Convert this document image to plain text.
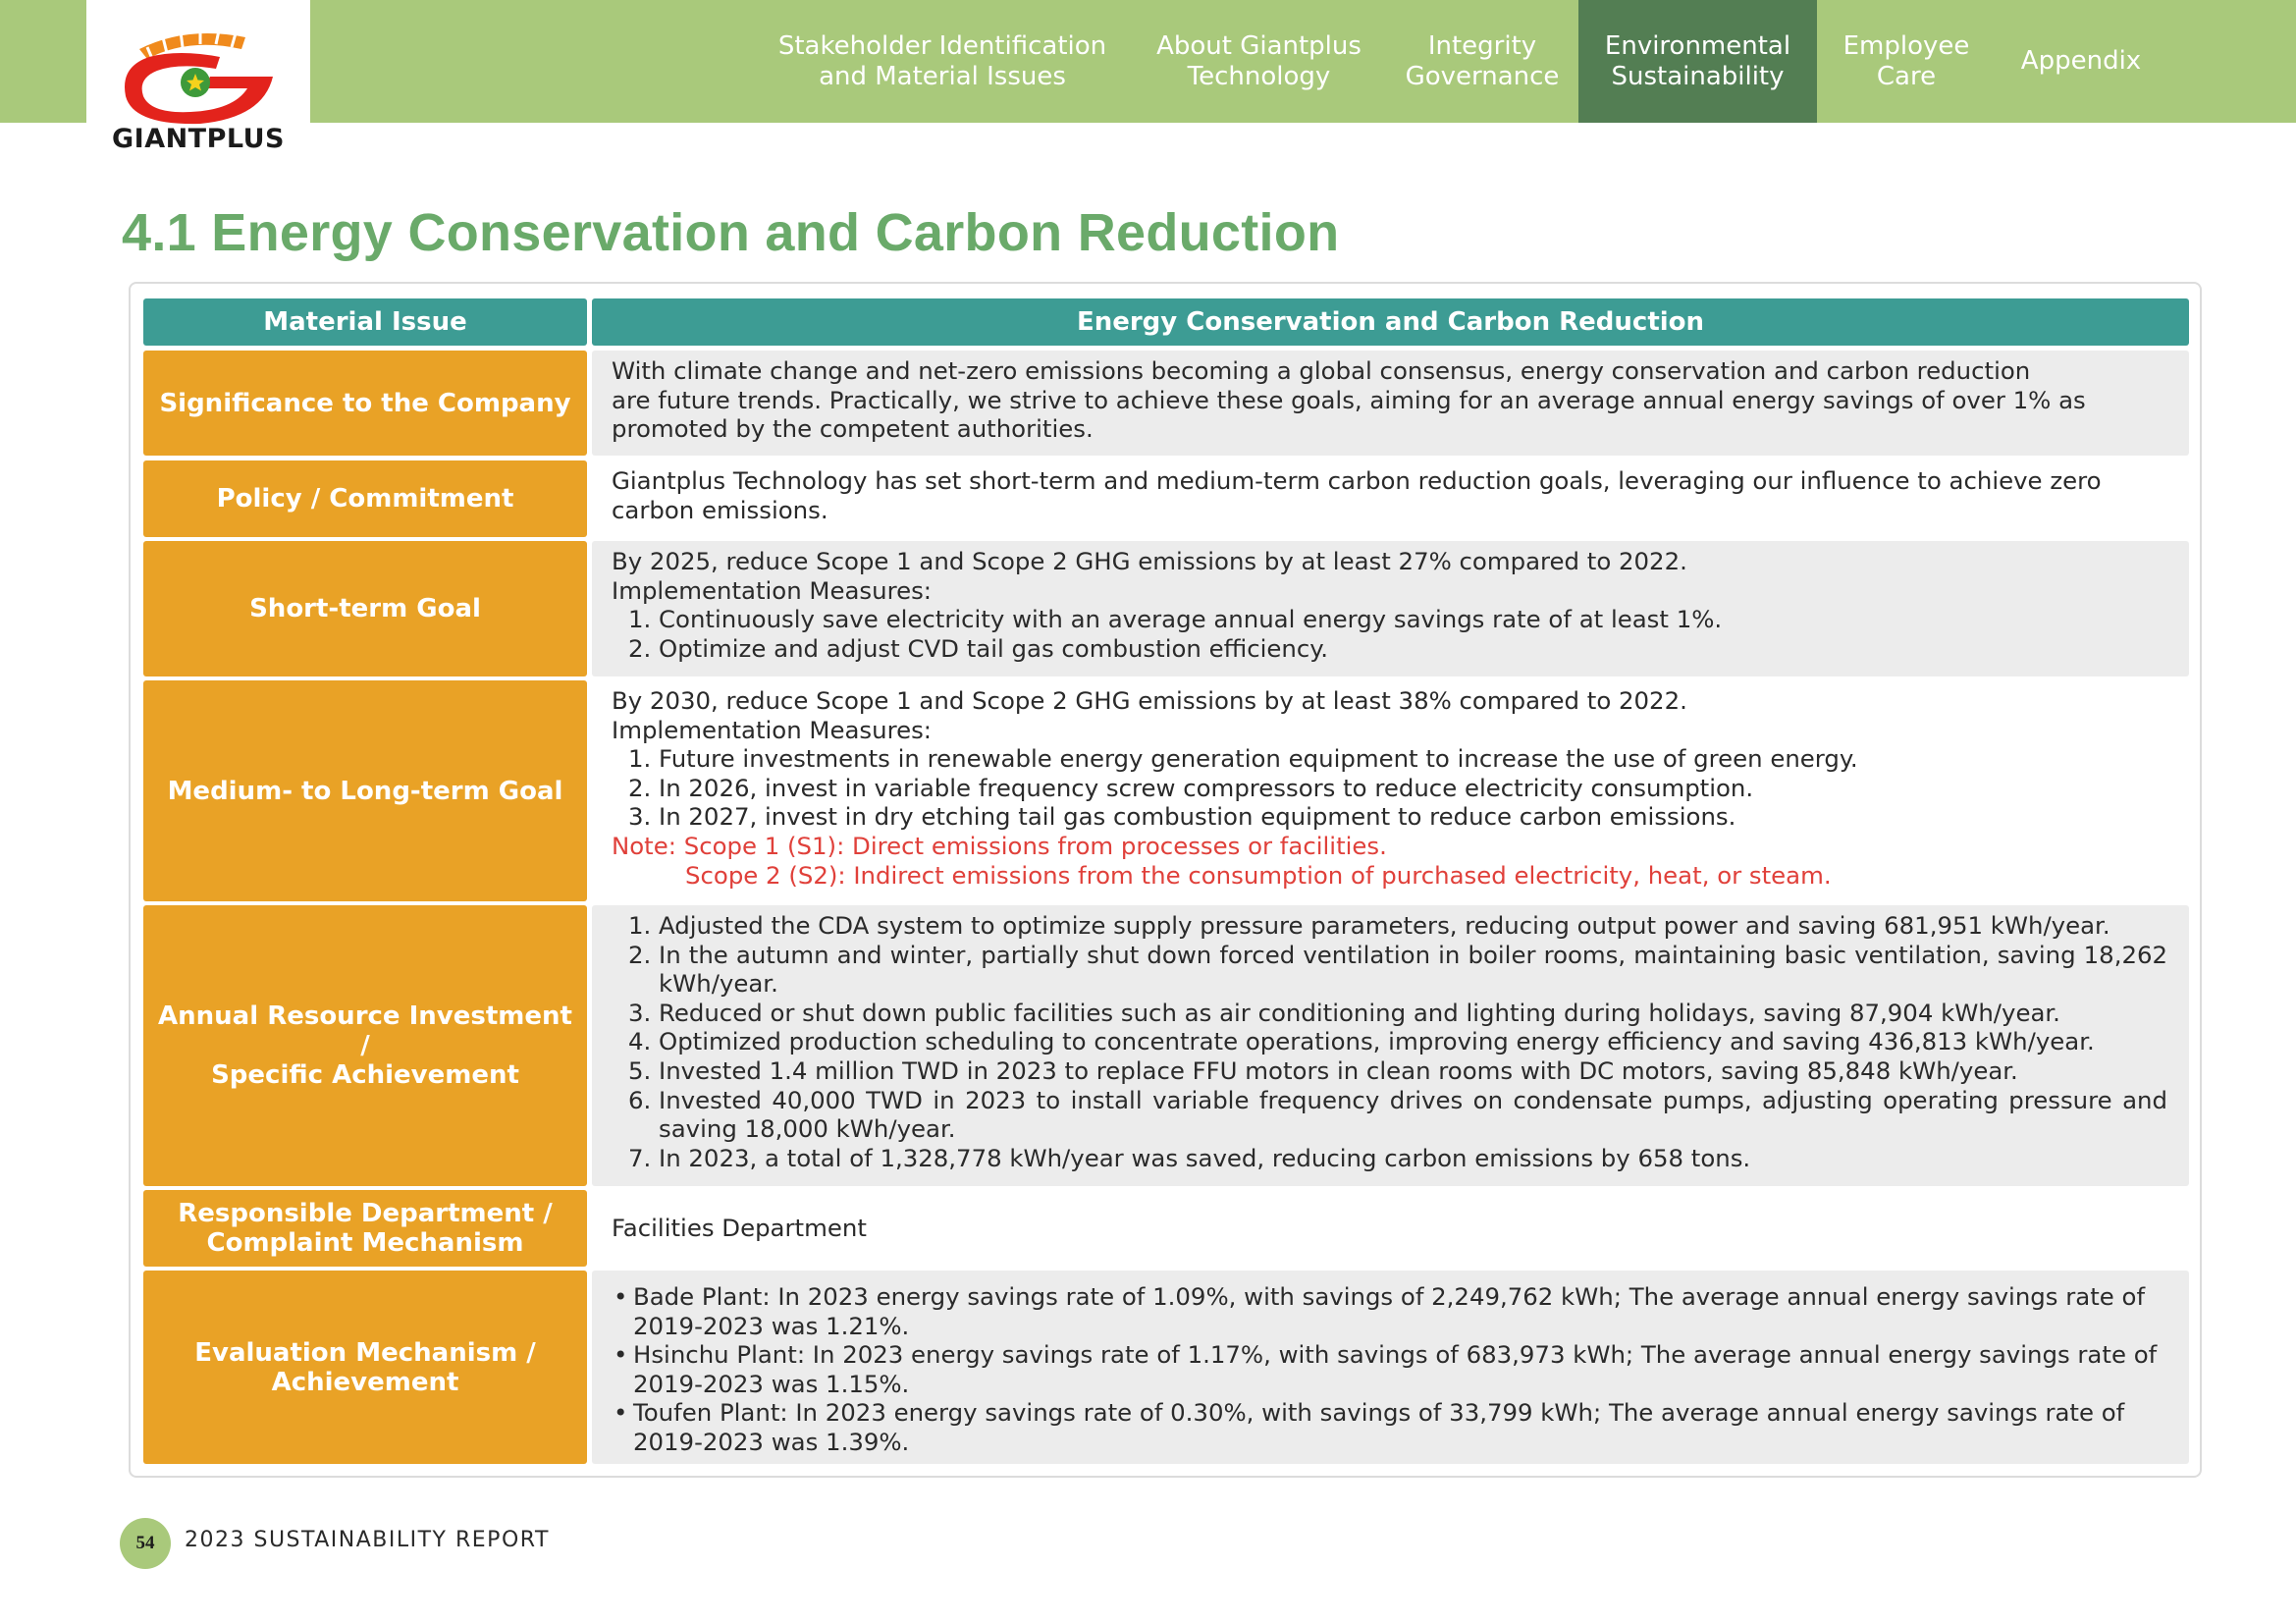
GIANTPLUS
Stakeholder Identification
and Material Issues
About Giantplus
Technology
Integrity
Governance
Environmental
Sustainability
Employee
Care
Appendix
4.1 Energy Conservation and Carbon Reduction
Material Issue	Energy Conservation and Carbon Reduction
Significance to the Company

With climate change and net-zero emissions becoming a global consensus, energy conservation and carbon reduction

are future trends. Practically, we strive to achieve these goals, aiming for an average annual energy savings of over 1% as

promoted by the competent authorities.

Policy / Commitment

Giantplus Technology has set short-term and medium-term carbon reduction goals, leveraging our influence to achieve zero

carbon emissions.

Short-term Goal

By 2025, reduce Scope 1 and Scope 2 GHG emissions by at least 27% compared to 2022.

Implementation Measures:

1. Continuously save electricity with an average annual energy savings rate of at least 1%.
2. Optimize and adjust CVD tail gas combustion efficiency.
Medium- to Long-term Goal

By 2030, reduce Scope 1 and Scope 2 GHG emissions by at least 38% compared to 2022.

Implementation Measures:

1. Future investments in renewable energy generation equipment to increase the use of green energy.
2. In 2026, invest in variable frequency screw compressors to reduce electricity consumption.
3. In 2027, invest in dry etching tail gas combustion equipment to reduce carbon emissions.

Note: Scope 1 (S1): Direct emissions from processes or facilities.

Scope 2 (S2): Indirect emissions from the consumption of purchased electricity, heat, or steam.

Annual Resource Investment /
Specific Achievement
1. Adjusted the CDA system to optimize supply pressure parameters, reducing output power and saving 681,951 kWh/year.
2. In the autumn and winter, partially shut down forced ventilation in boiler rooms, maintaining basic ventilation, saving 18,262 kWh/year.
3. Reduced or shut down public facilities such as air conditioning and lighting during holidays, saving 87,904 kWh/year.
4. Optimized production scheduling to concentrate operations, improving energy efficiency and saving 436,813 kWh/year.
5. Invested 1.4 million TWD in 2023 to replace FFU motors in clean rooms with DC motors, saving 85,848 kWh/year.
6. Invested 40,000 TWD in 2023 to install variable frequency drives on condensate pumps, adjusting operating pressure and saving 18,000 kWh/year.
7. In 2023, a total of 1,328,778 kWh/year was saved, reducing carbon emissions by 658 tons.
Responsible Department /
Complaint Mechanism

Facilities Department

Evaluation Mechanism /
Achievement
• Bade Plant: In 2023 energy savings rate of 1.09%, with savings of 2,249,762 kWh; The average annual energy savings rate of 2019-2023 was 1.21%.
• Hsinchu Plant: In 2023 energy savings rate of 1.17%, with savings of 683,973 kWh; The average annual energy savings rate of 2019-2023 was 1.15%.
• Toufen Plant: In 2023 energy savings rate of 0.30%, with savings of 33,799 kWh; The average annual energy savings rate of 2019-2023 was 1.39%.
54	2023 SUSTAINABILITY REPORT
